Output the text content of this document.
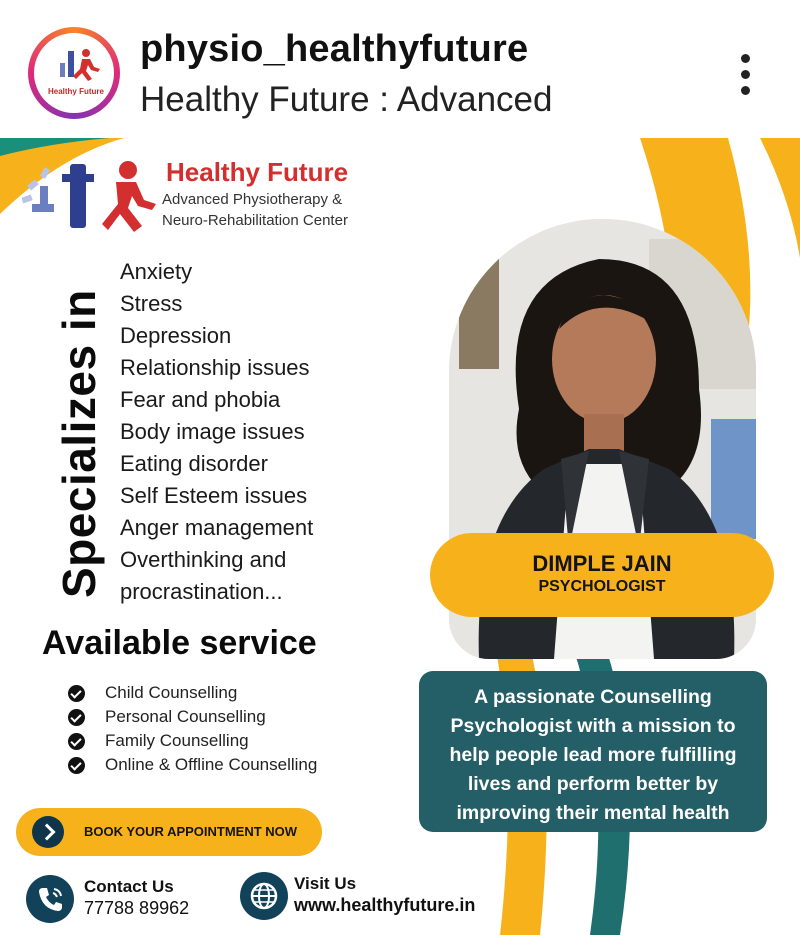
Healthy Future
physio_healthyfuture
Healthy Future : Advanced
Healthy Future
Advanced Physiotherapy &
Neuro-Rehabilitation Center
Specializes in
Anxiety
Stress
Depression
Relationship issues
Fear and phobia
Body image issues
Eating disorder
Self Esteem issues
Anger management
Overthinking and
procrastination...
Available service
Child Counselling
Personal Counselling
Family Counselling
Online & Offline Counselling
BOOK YOUR APPOINTMENT NOW
Contact Us
77788 89962
Visit Us
www.healthyfuture.in
DIMPLE JAIN
PSYCHOLOGIST

A passionate Counselling
Psychologist with a mission to
help people lead more fulfilling
lives and perform better by
improving their mental health
